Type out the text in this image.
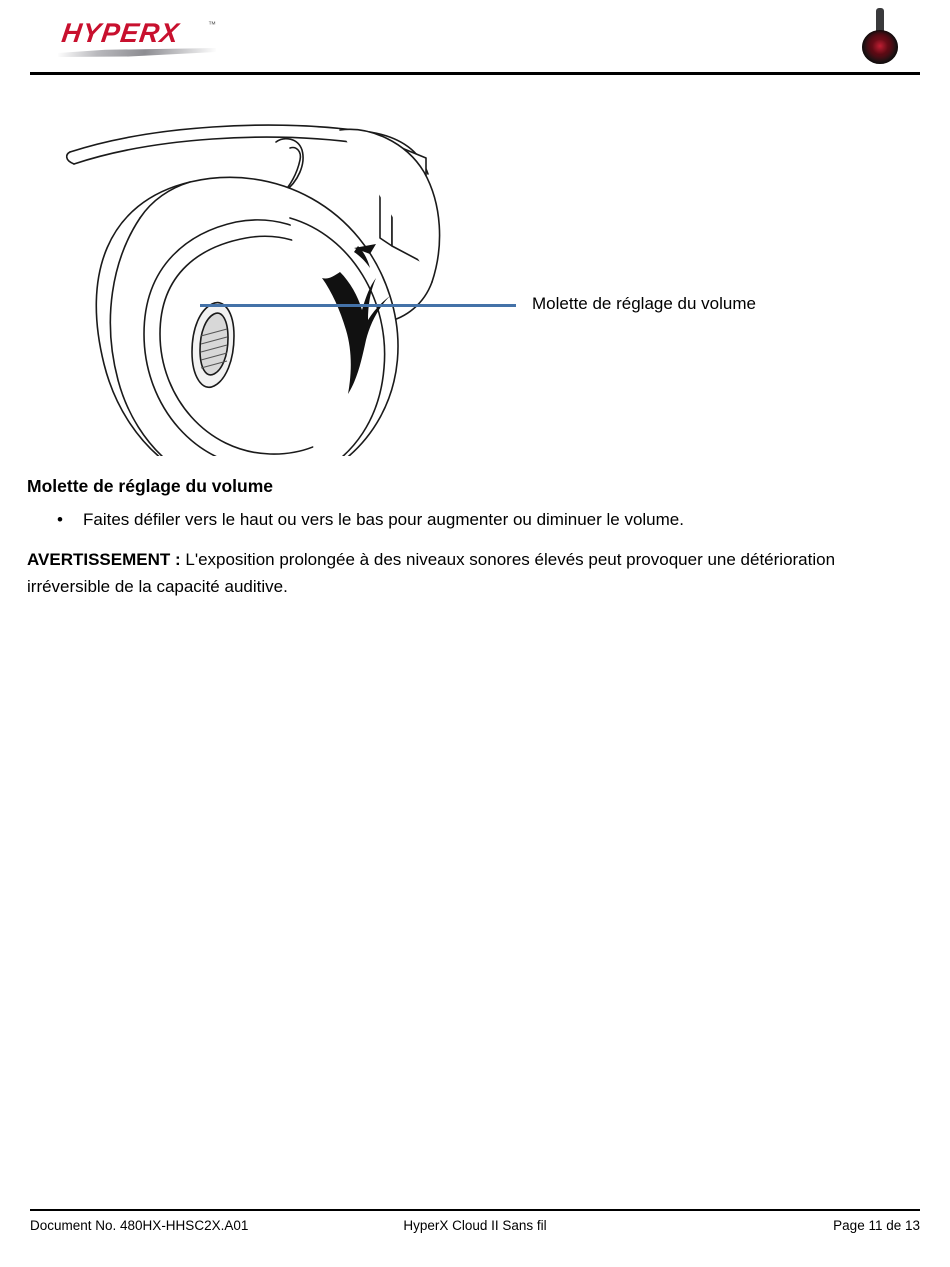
HYPERX	™
Molette de réglage du volume
Molette de réglage du volume
•	Faites défiler vers le haut ou vers le bas pour augmenter ou diminuer le volume.

AVERTISSEMENT : L'exposition prolongée à des niveaux sonores élevés peut provoquer une détérioration irréversible de la capacité auditive.

HyperX Cloud II Sans fil
Document No. 480HX-HHSC2X.A01	Page 11 de 13
